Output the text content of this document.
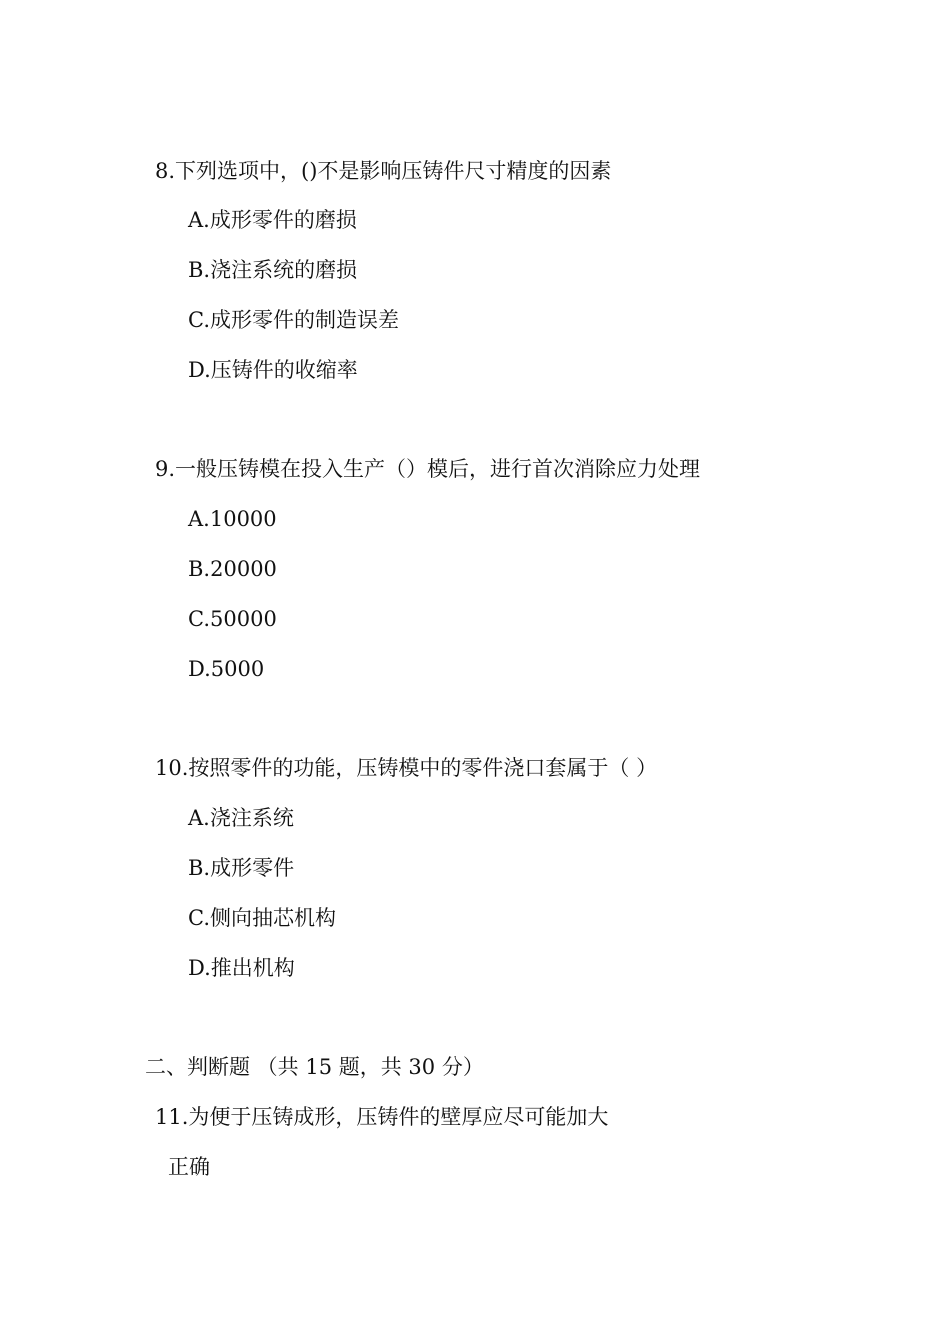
8.下列选项中，()不是影响压铸件尺寸精度的因素
A.成形零件的磨损
B.浇注系统的磨损
C.成形零件的制造误差
D.压铸件的收缩率
9.一般压铸模在投入生产（）模后，进行首次消除应力处理
A.10000
B.20000
C.50000
D.5000
10.按照零件的功能，压铸模中的零件浇口套属于（ ）
A.浇注系统
B.成形零件
C.侧向抽芯机构
D.推出机构
二、判断题 （共 15 题，共 30 分）
11.为便于压铸成形，压铸件的壁厚应尽可能加大
正确
